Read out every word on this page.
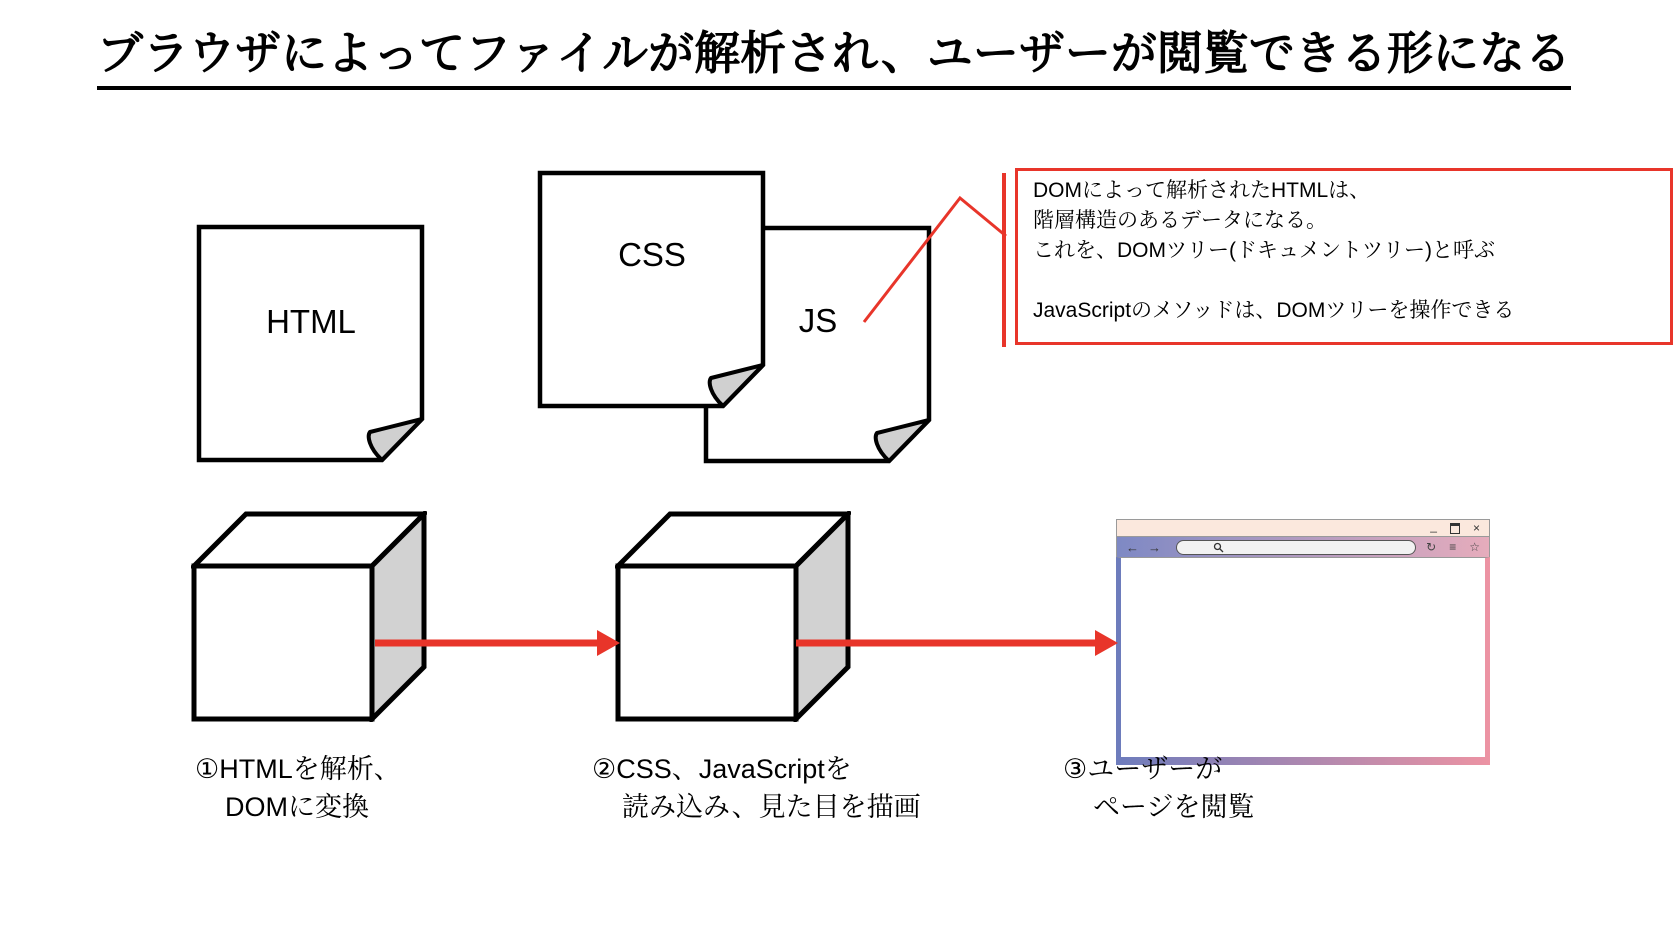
ブラウザによってファイルが解析され、ユーザーが閲覧できる形になる
JS
CSS
HTML
DOMによって解析されたHTMLは、
階層構造のあるデータになる。
これを、DOMツリー(ドキュメントツリー)と呼ぶ
JavaScriptのメソッドは、DOMツリーを操作できる
_	×
← →	↻ ≡ ☆
①HTMLを解析、
DOMに変換
②CSS、JavaScriptを
読み込み、見た目を描画
③ユーザーが
ページを閲覧
